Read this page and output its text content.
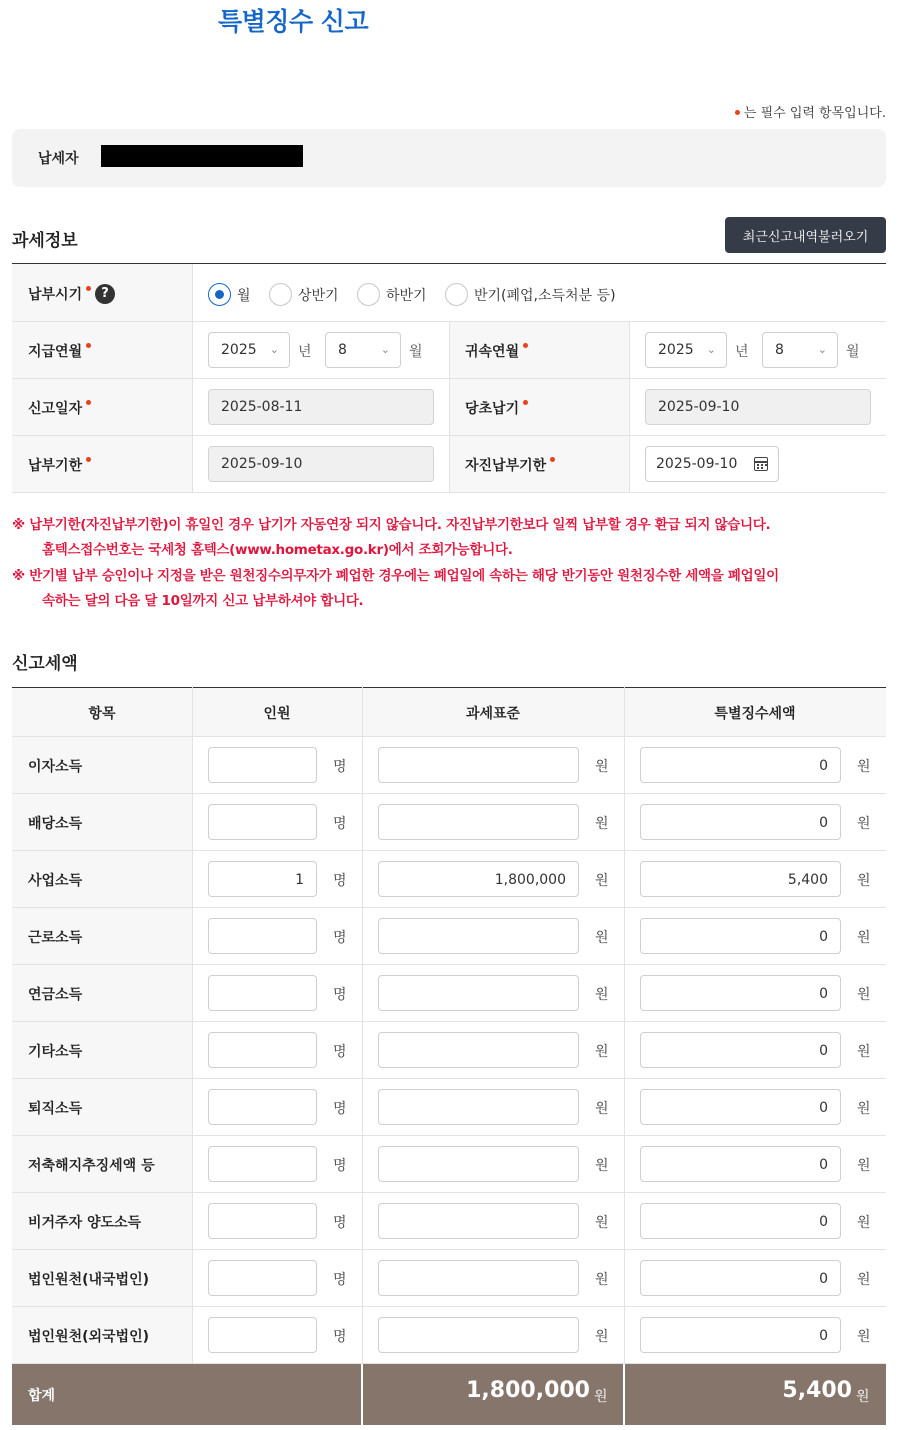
특별징수 신고
는 필수 입력 항목입니다.
납세자
과세정보	최근신고내역불러오기
납부시기	?	월	상반기	하반기	반기(폐업,소득처분 등)
지급연월	2025 ⌄ 년	8	⌄ 월	귀속연월	2025 ⌄ 년	8	⌄ 월
신고일자	2025-08-11	당초납기	2025-09-10
납부기한	2025-09-10	자진납부기한	2025-09-10
※ 납부기한(자진납부기한)이 휴일인 경우 납기가 자동연장 되지 않습니다. 자진납부기한보다 일찍 납부할 경우 환급 되지 않습니다.
홈텍스접수번호는 국세청 홈텍스(www.hometax.go.kr)에서 조회가능합니다.
※ 반기별 납부 승인이나 지정을 받은 원천징수의무자가 폐업한 경우에는 폐업일에 속하는 해당 반기동안 원천징수한 세액을 폐업일이
속하는 달의 다음 달 10일까지 신고 납부하셔야 합니다.
신고세액
항목	인원	과세표준	특별징수세액
이자소득	명	원	0	원
배당소득	명	원	0	원
사업소득	1	명	1,800,000	원	5,400	원
근로소득	명	원	0	원
연금소득	명	원	0	원
기타소득	명	원	0	원
퇴직소득	명	원	0	원
저축해지추징세액 등	명	원	0	원
비거주자 양도소득	명	원	0	원
법인원천(내국법인)	명	원	0	원
법인원천(외국법인)	명	원	0	원
합계	1,800,000 원	5,400 원
